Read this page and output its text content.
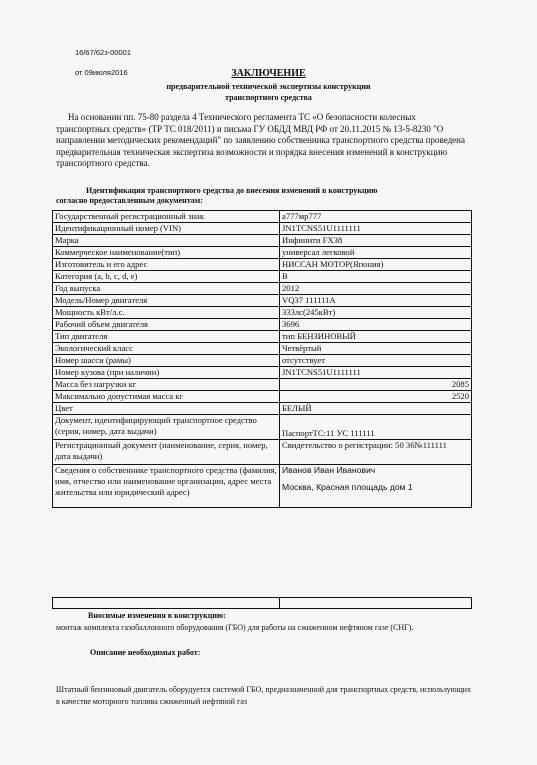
16/67/62з-00001
от 09июля2016	ЗАКЛЮЧЕНИЕ
предварительной технической экспертизы конструкции
транспортного средства
На основании пп. 75-80 раздела 4 Технического регламента ТС «О безопасности колесных транспортных средств» (ТР ТС 018/2011) и письма ГУ ОБДД МВД РФ от 20.11.2015 № 13-5-8230 "О направлении методических рекомендаций" по заявлению собственника транспортного средства проведена предварительная техническая экспертиза возможности и порядка внесения изменений в конструкцию транспортного средства.
Идентификация транспортного средства до внесения изменений в конструкцию
согласно предоставленным документам:
Государственный регистрационный знак	а777мр777
Идентификационный номер (VIN)	JN1TCNS51U1111111
Марка	Инфинити FX38
Коммерческое наименование(тип)	универсал легковой
Изготовитель и его адрес	НИССАН МОТОР(Япония)
Категория (a, b, c, d, e)	B
Год выпуска	2012
Модель/Номер двигателя	VQ37 111111A
Мощность кВт/л.с.	333лс(245кВт)
Рабочий объем двигателя	3696
Тип двигателя	тип БЕНЗИНОВЫЙ
Экологический класс	Четвёртый
Номер шасси (рамы)	отсутствует
Номер кузова (при наличии)	JN1TCNS51U1111111
Масса без нагрузки кг	2085
Максимально допустимая масса кг	2520
Цвет	БЕЛЫЙ
Документ, идентифицирующий транспортное средство (серия, номер, дата выдачи)	ПаспортТС:11 УС 111111
Регистрационный документ (наименование, серия, номер, дата выдачи)	Свидетельство о регистрации: 50 36№111111
Сведения о собственнике транспортного средства (фамилия, имя, отчество или наименование организации, адрес места жительства или юридический адрес)	Иванов Иван Иванович
Москва, Красная площадь дом 1

Вносимые изменения в конструкцию:
монтаж комплекта газобаллонного оборудования (ГБО) для работы на сжиженном нефтяном газе (СНГ).
Описание необходимых работ:
Штатный бензиновый двигатель оборудуется системой ГБО, предназначенной для транспортных средств, использующих в качестве моторного топлива сжиженный нефтяной газ
